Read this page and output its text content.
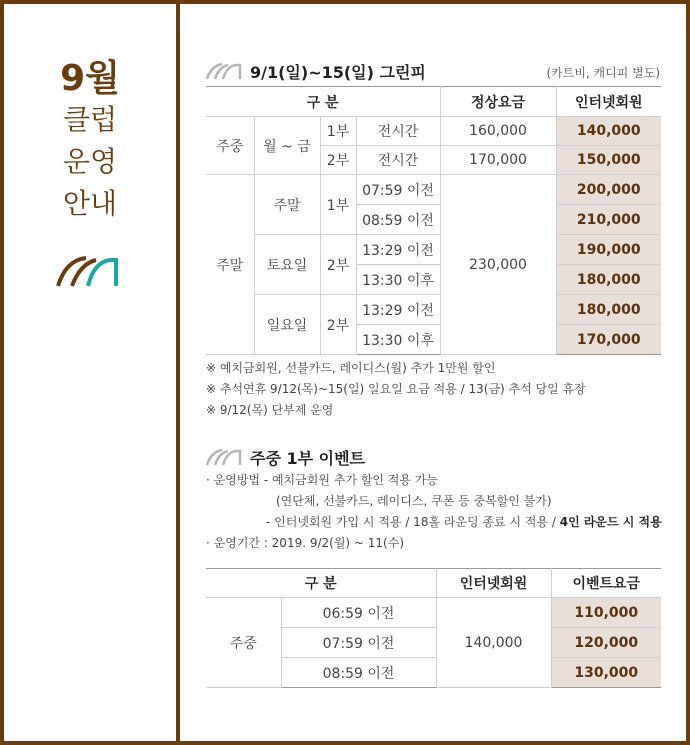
9월
클럽
운영
안내
9/1(일)~15(일) 그린피	(카트비, 캐디피 별도)
구 분				정상요금	인터넷회원
주중	월 ~ 금	1부	전시간	160,000	140,000
		2부	전시간	170,000	150,000
주말	주말	1부	07:59 이전	230,000	200,000
			08:59 이전		210,000
	토요일	2부	13:29 이전		190,000
			13:30 이후		180,000
	일요일	2부	13:29 이전		180,000
			13:30 이후		170,000
※ 예치금회원, 선불카드, 레이디스(월) 추가 1만원 할인
※ 추석연휴 9/12(목)~15(일) 일요일 요금 적용 / 13(금) 추석 당일 휴장
※ 9/12(목) 단부제 운영
주중 1부 이벤트
· 운영방법 - 예치금회원 추가 할인 적용 가능
(연단체, 선불카드, 레이디스, 쿠폰 등 중복할인 불가)
- 인터넷회원 가입 시 적용 / 18홀 라운딩 종료 시 적용 / 4인 라운드 시 적용
· 운영기간 : 2019. 9/2(월) ~ 11(수)
구 분		인터넷회원	이벤트요금
주중	06:59 이전	140,000	110,000
	07:59 이전		120,000
	08:59 이전		130,000
